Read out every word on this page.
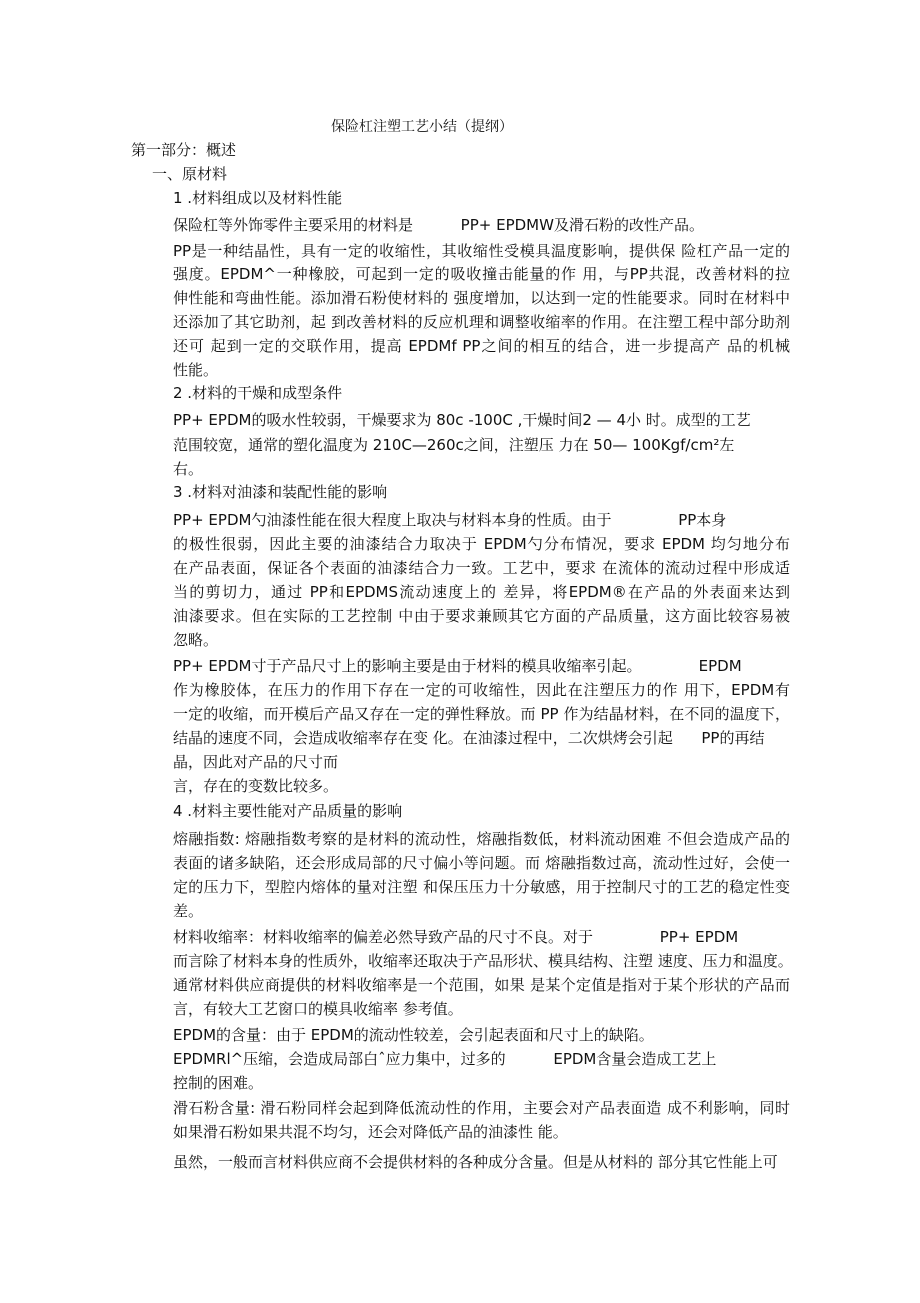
保险杠注塑工艺小结（提纲）
第一部分：概述
一、原材料
1 .材料组成以及材料性能
2 .材料的干燥和成型条件
3 .材料对油漆和装配性能的影响
4 .材料主要性能对产品质量的影响
保险杠等外饰零件主要采用的材料是          PP+ EPDMW及滑石粉的改性产品。
PP是一种结晶性，具有一定的收缩性，其收缩性受模具温度影响，提供保 险杠产品一定的
强度。EPDM^一种橡胶，可起到一定的吸收撞击能量的作 用，与PP共混，改善材料的拉
伸性能和弯曲性能。添加滑石粉使材料的 强度增加，以达到一定的性能要求。同时在材料中
还添加了其它助剂，起 到改善材料的反应机理和调整收缩率的作用。在注塑工程中部分助剂
还可 起到一定的交联作用，提高 EPDMf PP之间的相互的结合，进一步提高产 品的机械
性能。
PP+ EPDM的吸水性较弱，干燥要求为 80c -100C ,干燥时间2 — 4小 时。成型的工艺
范围较宽，通常的塑化温度为 210C—260c之间，注塑压 力在 50— 100Kgf/cm²左
右。
PP+ EPDM勺油漆性能在很大程度上取决与材料本身的性质。由于              PP本身
的极性很弱，因此主要的油漆结合力取决于 EPDM勺分布情况，要求 EPDM 均匀地分布
在产品表面，保证各个表面的油漆结合力一致。工艺中，要求 在流体的流动过程中形成适
当的剪切力，通过 PP和EPDMS流动速度上的 差异，将EPDM®在产品的外表面来达到
油漆要求。但在实际的工艺控制 中由于要求兼顾其它方面的产品质量，这方面比较容易被
忽略。
PP+ EPDM寸于产品尺寸上的影响主要是由于材料的模具收缩率引起。            EPDM
作为橡胶体，在压力的作用下存在一定的可收缩性，因此在注塑压力的作 用下，EPDM有
一定的收缩，而开模后产品又存在一定的弹性释放。而 PP 作为结晶材料，在不同的温度下，
结晶的速度不同，会造成收缩率存在变 化。在油漆过程中，二次烘烤会引起      PP的再结
晶，因此对产品的尺寸而
言，存在的变数比较多。
熔融指数: 熔融指数考察的是材料的流动性，熔融指数低，材料流动困难 不但会造成产品的
表面的诸多缺陷，还会形成局部的尺寸偏小等问题。而 熔融指数过高，流动性过好，会使一
定的压力下，型腔内熔体的量对注塑 和保压压力十分敏感，用于控制尺寸的工艺的稳定性变
差。
材料收缩率：材料收缩率的偏差必然导致产品的尺寸不良。对于              PP+ EPDM
而言除了材料本身的性质外，收缩率还取决于产品形状、模具结构、注塑 速度、压力和温度。
通常材料供应商提供的材料收缩率是一个范围，如果 是某个定值是指对于某个形状的产品而
言，有较大工艺窗口的模具收缩率 参考值。
EPDM的含量：由于 EPDM的流动性较差，会引起表面和尺寸上的缺陷。
EPDMRl^压缩，会造成局部白ˆ应力集中，过多的          EPDM含量会造成工艺上
控制的困难。
滑石粉含量: 滑石粉同样会起到降低流动性的作用，主要会对产品表面造 成不利影响，同时
如果滑石粉如果共混不均匀，还会对降低产品的油漆性 能。
虽然，一般而言材料供应商不会提供材料的各种成分含量。但是从材料的 部分其它性能上可
